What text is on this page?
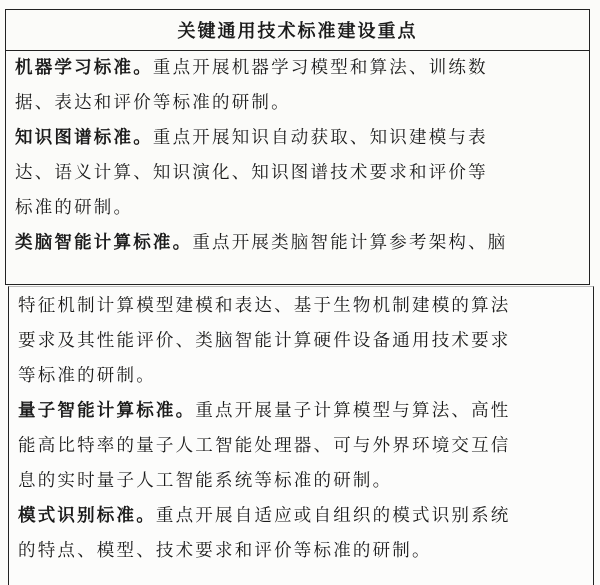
关键通用技术标准建设重点

机器学习标准。重点开展机器学习模型和算法、训练数
据、表达和评价等标准的研制。

知识图谱标准。重点开展知识自动获取、知识建模与表
达、语义计算、知识演化、知识图谱技术要求和评价等
标准的研制。

类脑智能计算标准。重点开展类脑智能计算参考架构、脑

特征机制计算模型建模和表达、基于生物机制建模的算法
要求及其性能评价、类脑智能计算硬件设备通用技术要求
等标准的研制。

量子智能计算标准。重点开展量子计算模型与算法、高性
能高比特率的量子人工智能处理器、可与外界环境交互信
息的实时量子人工智能系统等标准的研制。

模式识别标准。重点开展自适应或自组织的模式识别系统
的特点、模型、技术要求和评价等标准的研制。
